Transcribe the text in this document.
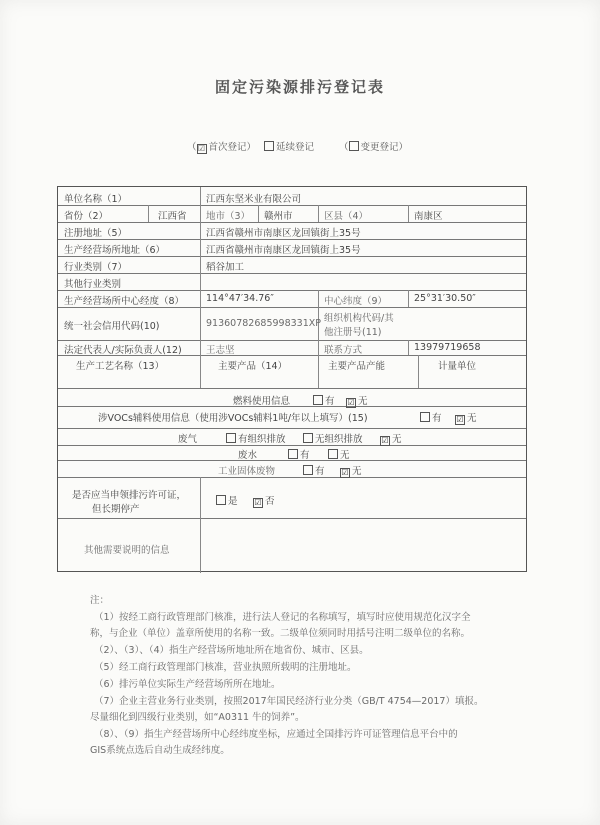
固定污染源排污登记表
（☑ 首次登记）	延续登记	（ 变更登记）
单位名称（1）	江西东坚米业有限公司
省份（2）	江西省 地市（3） 赣州市	区县（4）	南康区
注册地址（5）	江西省赣州市南康区龙回镇街上35号
生产经营场所地址（6）	江西省赣州市南康区龙回镇街上35号
行业类别（7）	稻谷加工
其他行业类别
生产经营场所中心经度（8） 114°47′34.76″	中心纬度（9）	25°31′30.50″
统一社会信用代码(10)	91360782685998331XP 组织机构代码/其
他注册号(11)
法定代表人/实际负责人(12)	王志坚	联系方式	13979719658
生产工艺名称（13）	主要产品（14）	主要产品产能	计量单位
燃料使用信息	有 ☑ 无
涉VOCs辅料使用信息（使用涉VOCs辅料1吨/年以上填写）(15)	有 ☑ 无
废气	有组织排放	无组织排放 ☑ 无
废水	有	无
工业固体废物	有 ☑ 无
是否应当申领排污许可证，
但长期停产
是 ☑ 否
其他需要说明的信息

注：

（1）按经工商行政管理部门核准，进行法人登记的名称填写，填写时应使用规范化汉字全

称，与企业（单位）盖章所使用的名称一致。二级单位须同时用括号注明二级单位的名称。

（2）、（3）、（4）指生产经营场所地址所在地省份、城市、区县。

（5）经工商行政管理部门核准，营业执照所载明的注册地址。

（6）排污单位实际生产经营场所所在地址。

（7）企业主营业务行业类别，按照2017年国民经济行业分类（GB/T 4754—2017）填报。

尽量细化到四级行业类别，如“A0311 牛的饲养”。

（8）、（9）指生产经营场所中心经纬度坐标，应通过全国排污许可证管理信息平台中的

GIS系统点选后自动生成经纬度。
